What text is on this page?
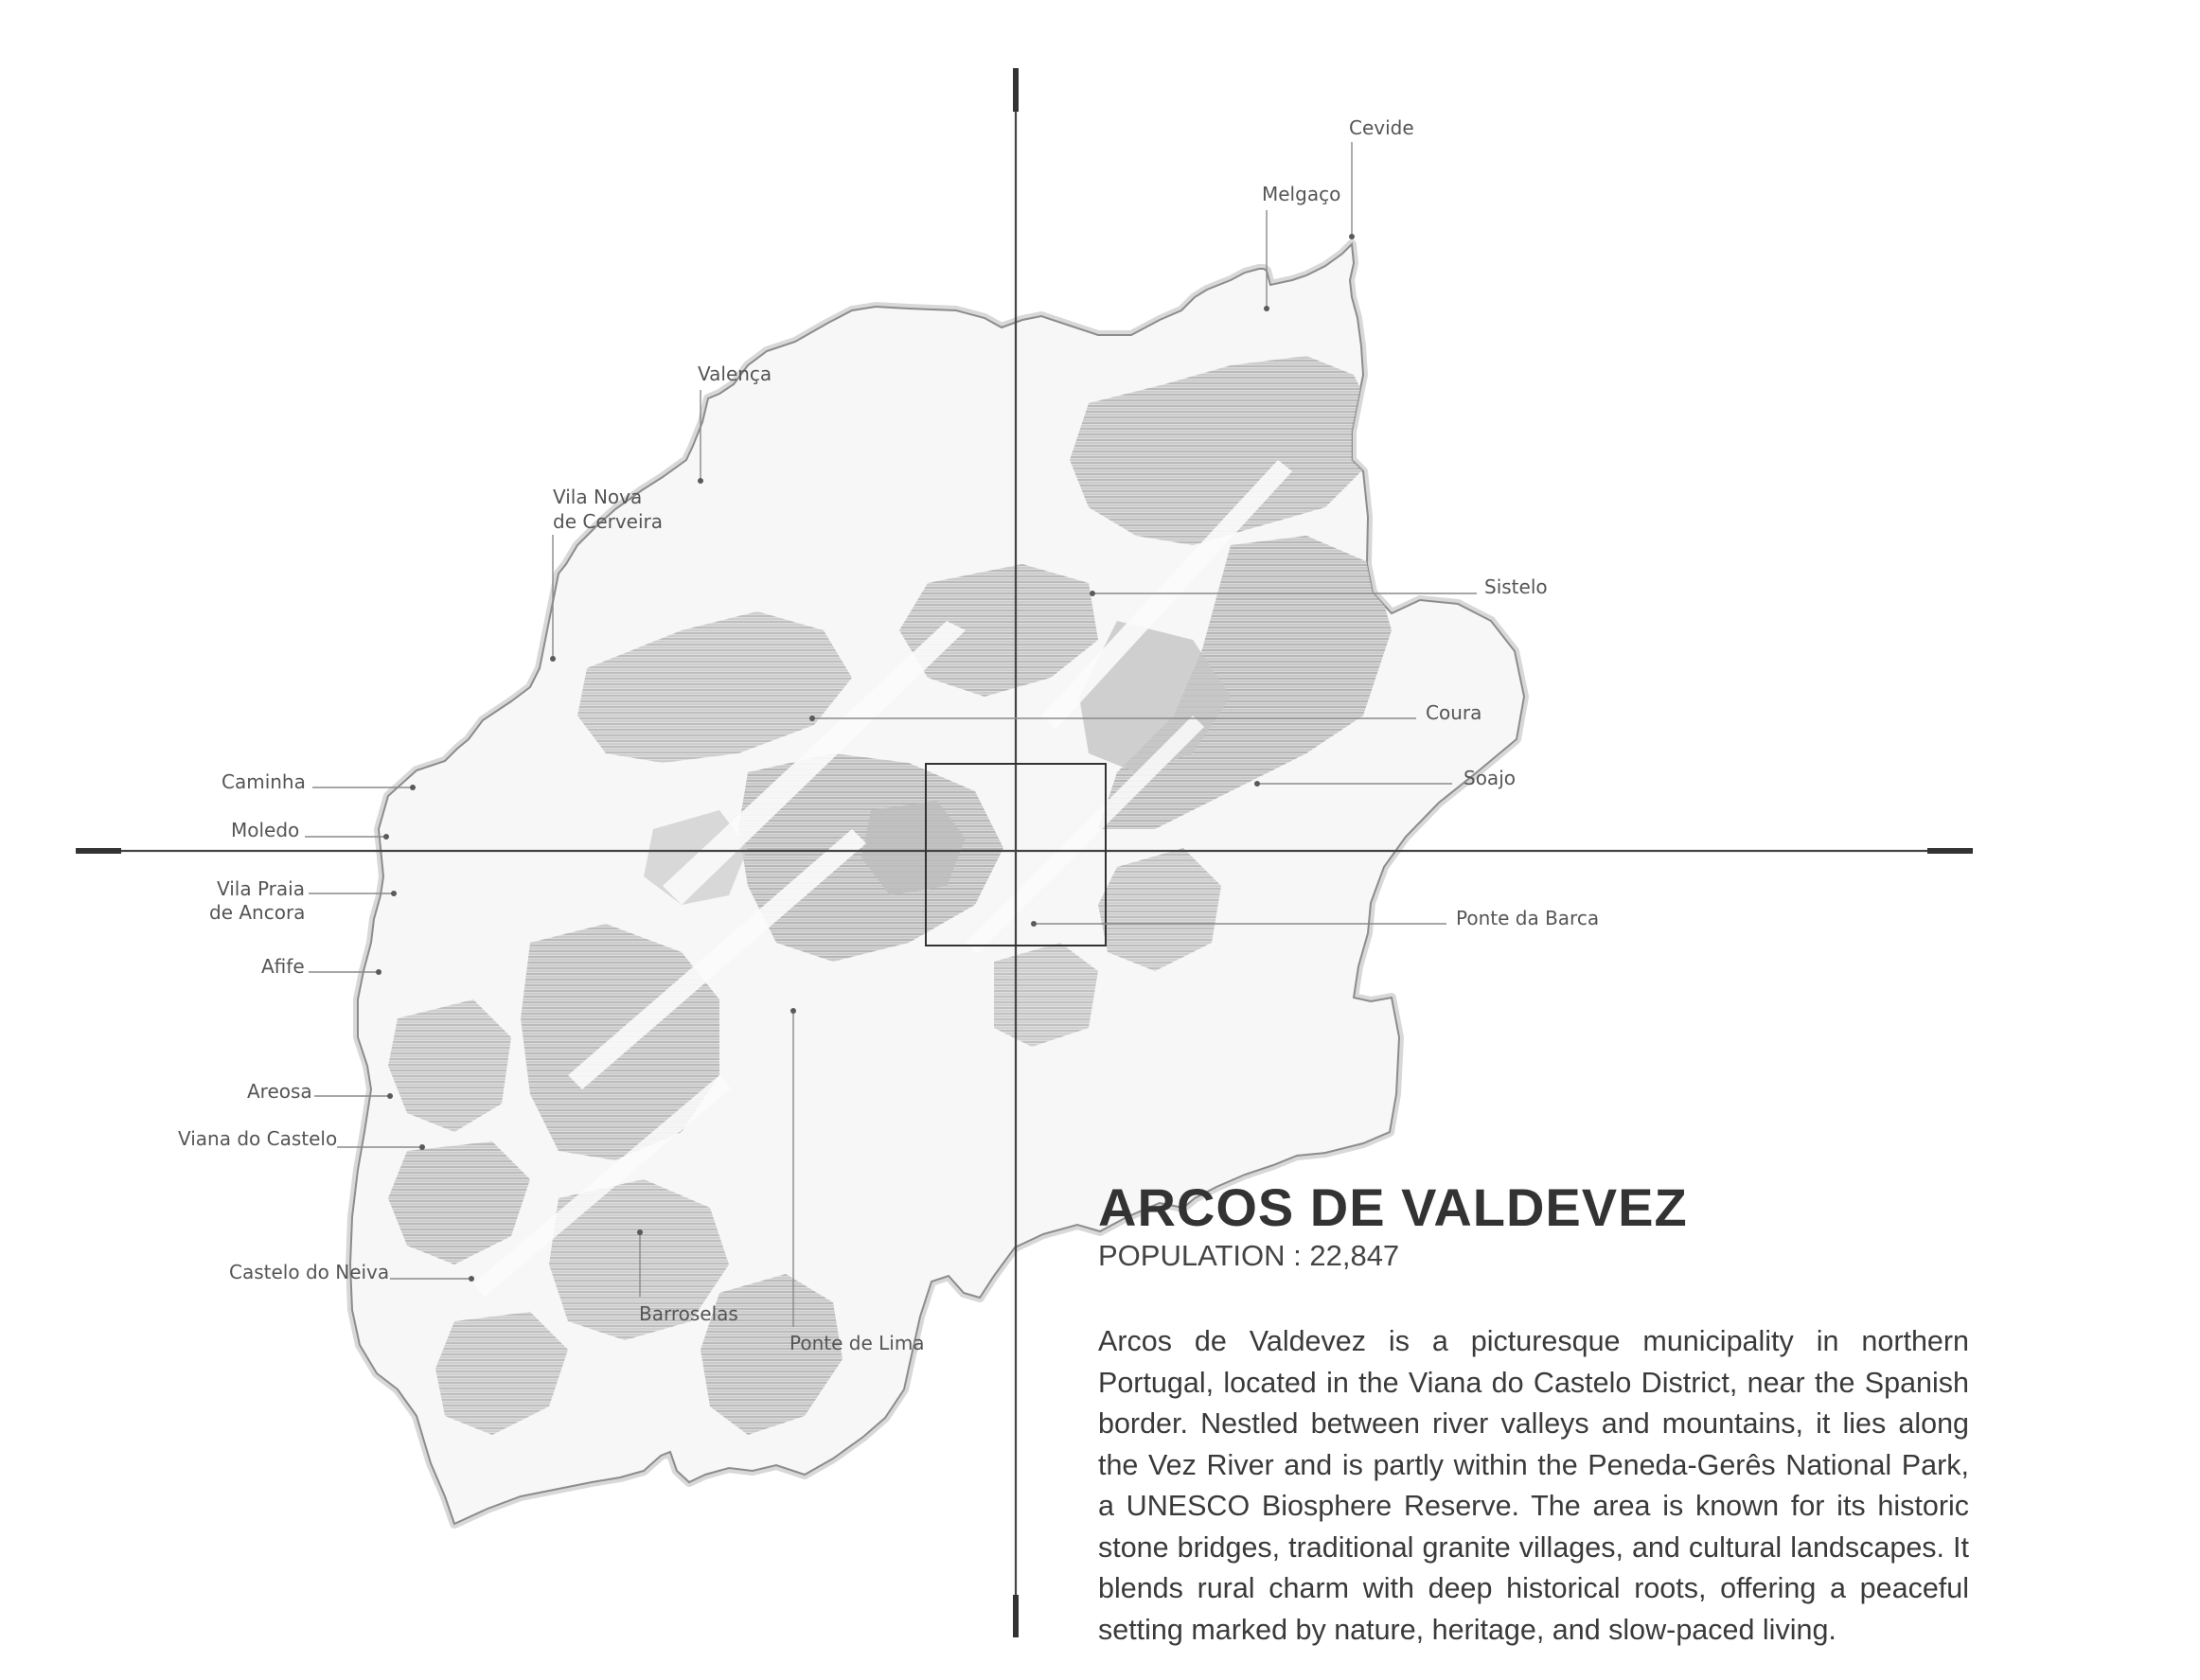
Cevide
Melgaço
Valença
Vila Nova
de Cerveira
Sistelo
Coura
Soajo
Ponte da Barca
Caminha
Moledo
Vila Praia
de Ancora
Afife
Areosa
Viana do Castelo
Castelo do Neiva
Barroselas
Ponte de Lima
ARCOS DE VALDEVEZ
POPULATION : 22,847

Arcos de Valdevez is a picturesque municipality in northern Portugal, located in the Viana do Castelo District, near the Spanish border. Nestled between river valleys and mountains, it lies along the Vez River and is partly within the Peneda-Gerês National Park, a UNESCO Biosphere Reserve. The area is known for its historic stone bridges, traditional granite villages, and cultural landscapes. It blends rural charm with deep historical roots, offering a peaceful setting marked by nature, heritage, and slow-paced living.
